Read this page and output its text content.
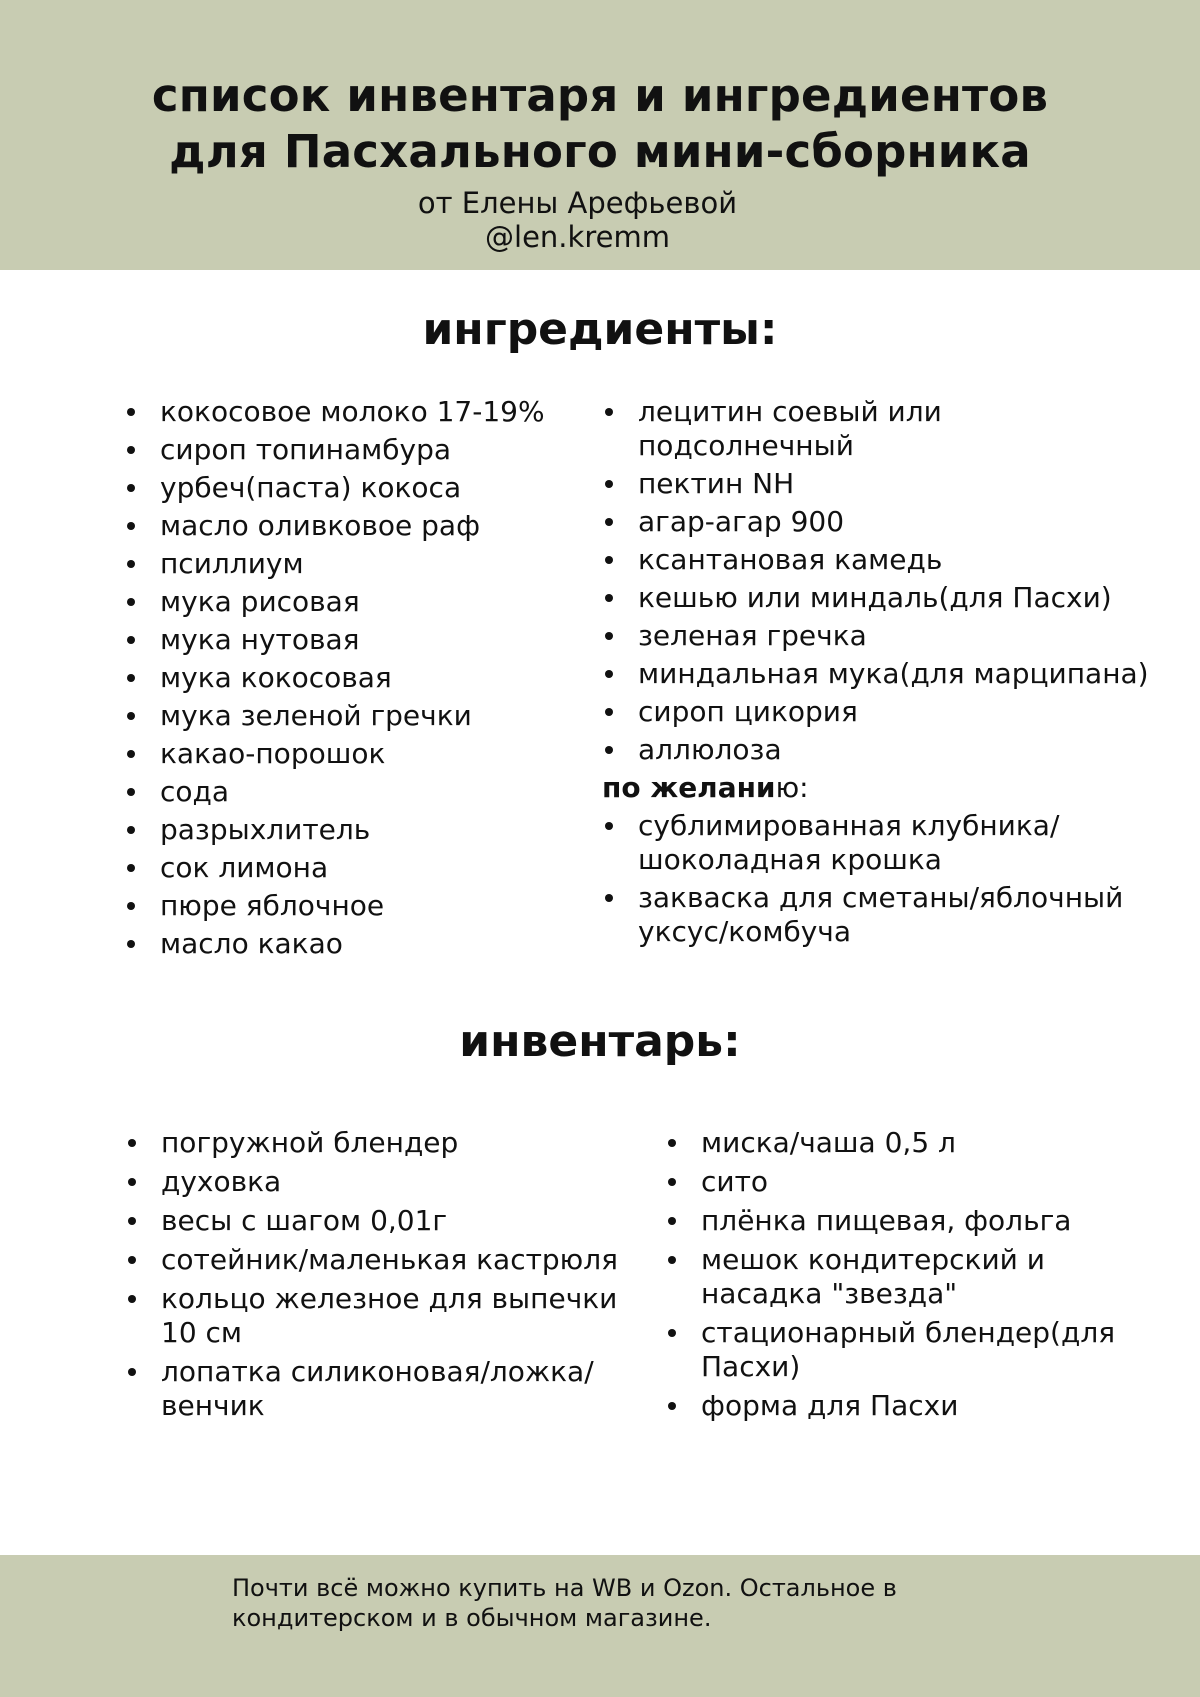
список инвентаря и ингредиентов
для Пасхального мини-сборника
от Елены Арефьевой
@len.kremm
ингредиенты:
кокосовое молоко 17-19%
сироп топинамбура
урбеч(паста) кокоса
масло оливковое раф
псиллиум
мука рисовая
мука нутовая
мука кокосовая
мука зеленой гречки
какао-порошок
сода
разрыхлитель
сок лимона
пюре яблочное
масло какао
лецитин соевый или подсолнечный
пектин NH
агар-агар 900
ксантановая камедь
кешью или миндаль(для Пасхи)
зеленая гречка
миндальная мука(для марципана)
сироп цикория
аллюлоза
по желанию:
сублимированная клубника/шоколадная крошка
закваска для сметаны/яблочный уксус/комбуча
инвентарь:
погружной блендер
духовка
весы с шагом 0,01г
сотейник/маленькая кастрюля
кольцо железное для выпечки 10 см
лопатка силиконовая/ложка/венчик
миска/чаша 0,5 л
сито
плёнка пищевая, фольга
мешок кондитерский и насадка "звезда"
стационарный блендер(для Пасхи)
форма для Пасхи
Почти всё можно купить на WB и Ozon. Остальное в кондитерском и в обычном магазине.
